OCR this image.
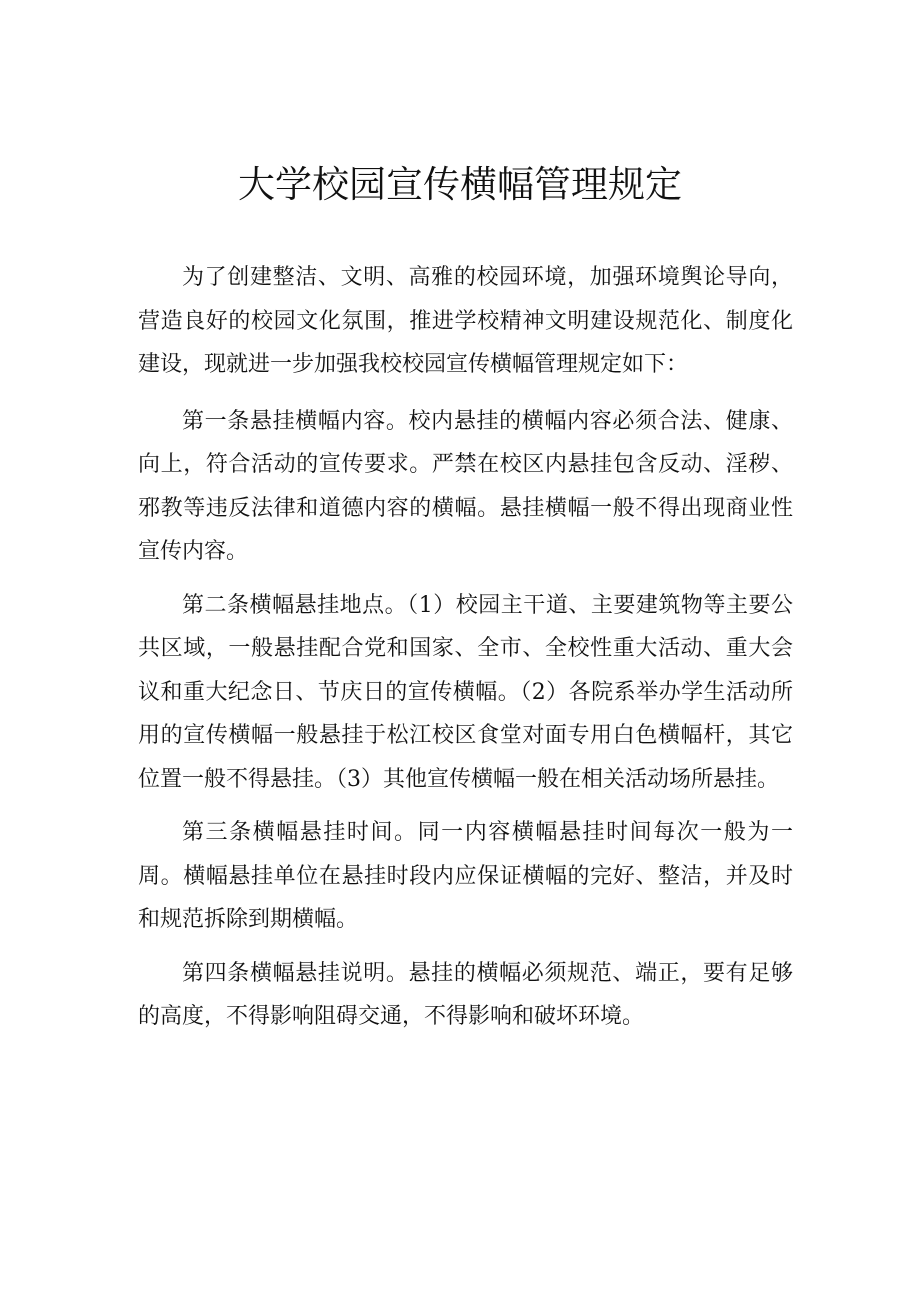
大学校园宣传横幅管理规定

为了创建整洁、文明、高雅的校园环境，加强环境舆论导向，营造良好的校园文化氛围，推进学校精神文明建设规范化、制度化建设，现就进一步加强我校校园宣传横幅管理规定如下：

第一条悬挂横幅内容。校内悬挂的横幅内容必须合法、健康、向上，符合活动的宣传要求。严禁在校区内悬挂包含反动、淫秽、邪教等违反法律和道德内容的横幅。悬挂横幅一般不得出现商业性宣传内容。

第二条横幅悬挂地点。（1）校园主干道、主要建筑物等主要公共区域，一般悬挂配合党和国家、全市、全校性重大活动、重大会议和重大纪念日、节庆日的宣传横幅。（2）各院系举办学生活动所用的宣传横幅一般悬挂于松江校区食堂对面专用白色横幅杆，其它位置一般不得悬挂。（3）其他宣传横幅一般在相关活动场所悬挂。

第三条横幅悬挂时间。同一内容横幅悬挂时间每次一般为一周。横幅悬挂单位在悬挂时段内应保证横幅的完好、整洁，并及时和规范拆除到期横幅。

第四条横幅悬挂说明。悬挂的横幅必须规范、端正，要有足够的高度，不得影响阻碍交通，不得影响和破坏环境。
